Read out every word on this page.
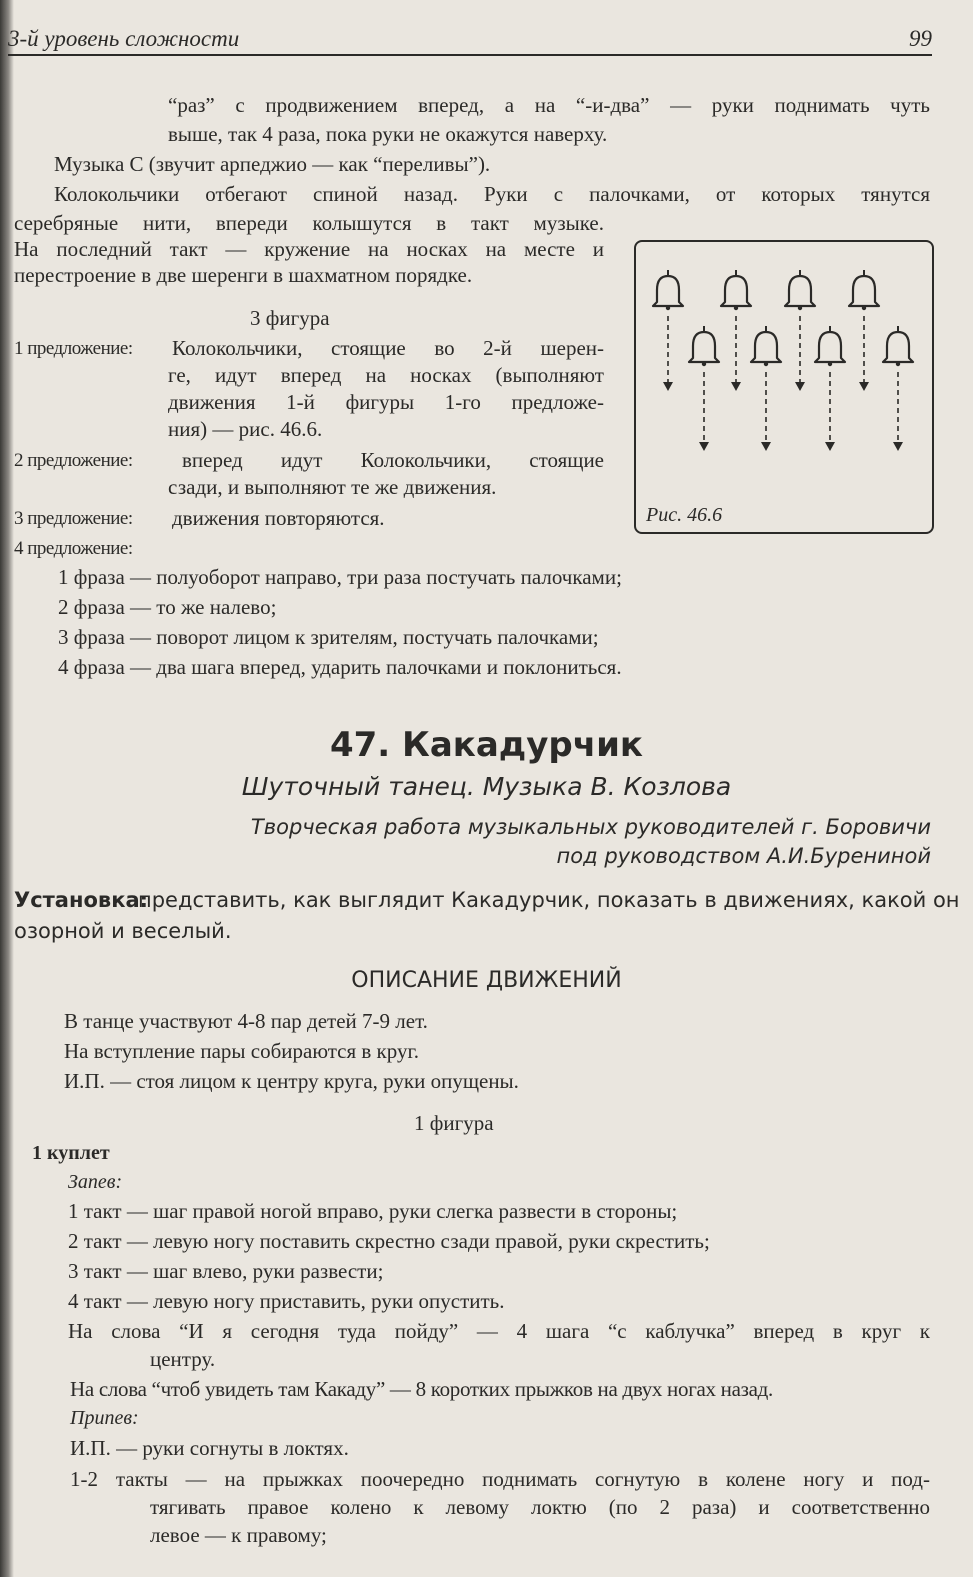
3-й уровень сложности	99
“раз” с продвижением вперед, а на “-и-два” — руки поднимать чуть
выше, так 4 раза, пока руки не окажутся наверху.
Музыка С (звучит арпеджио — как “переливы”).
Колокольчики отбегают спиной назад. Руки с палочками, от которых тянутся
серебряные нити, впереди колышутся в такт музыке.
На последний такт — кружение на носках на месте и
перестроение в две шеренги в шахматном порядке.
3 фигура
1 предложение: Колокольчики, стоящие во 2-й шерен-
ге, идут вперед на носках (выполняют
движения 1-й фигуры 1-го предложе-
ния) — рис. 46.6.
2 предложение: вперед идут Колокольчики, стоящие
сзади, и выполняют те же движения.
3 предложение: движения повторяются.
4 предложение:
1 фраза — полуоборот направо, три раза постучать палочками;
2 фраза — то же налево;
3 фраза — поворот лицом к зрителям, постучать палочками;
4 фраза — два шага вперед, ударить палочками и поклониться.
Рис. 46.6
47. Какадурчик
Шуточный танец. Музыка В. Козлова
Творческая работа музыкальных руководителей г. Боровичи
под руководством А.И.Бурениной
Установка:
представить, как выглядит Какадурчик, показать в движениях, какой он
озорной и веселый.
ОПИСАНИЕ ДВИЖЕНИЙ
В танце участвуют 4-8 пар детей 7-9 лет.
На вступление пары собираются в круг.
И.П. — стоя лицом к центру круга, руки опущены.
1 фигура
1 куплет
Запев:
1 такт — шаг правой ногой вправо, руки слегка развести в стороны;
2 такт — левую ногу поставить скрестно сзади правой, руки скрестить;
3 такт — шаг влево, руки развести;
4 такт — левую ногу приставить, руки опустить.
На слова “И я сегодня туда пойду” — 4 шага “с каблучка” вперед в круг к
центру.
На слова “чтоб увидеть там Какаду” — 8 коротких прыжков на двух ногах назад.
Припев:
И.П. — руки согнуты в локтях.
1-2 такты — на прыжках поочередно поднимать согнутую в колене ногу и под-
тягивать правое колено к левому локтю (по 2 раза) и соответственно
левое — к правому;
